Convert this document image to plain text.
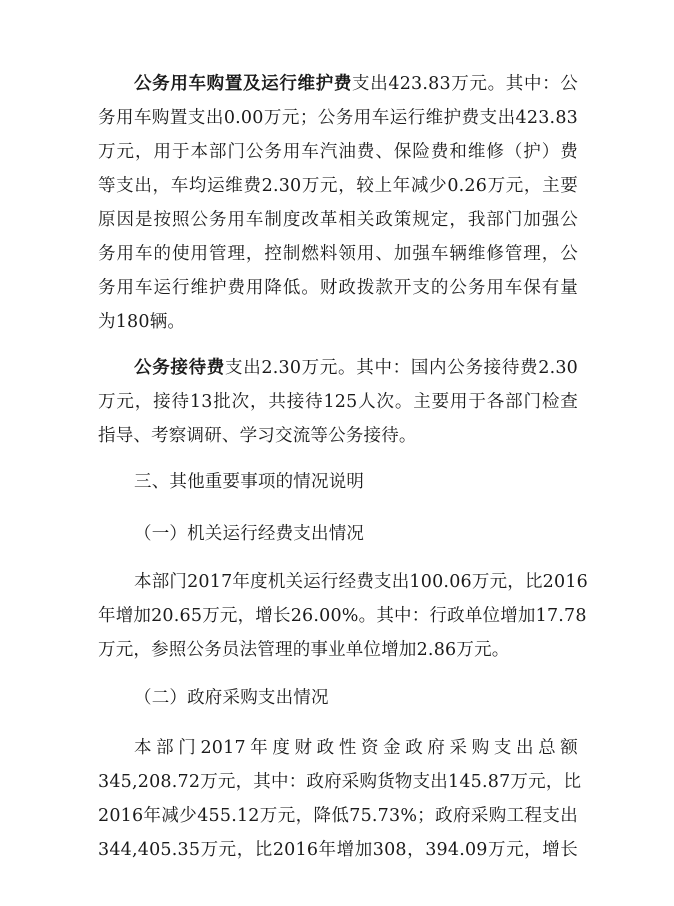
公务用车购置及运行维护费支出423.83万元。其中：公
务用车购置支出0.00万元；公务用车运行维护费支出423.83
万元，用于本部门公务用车汽油费、保险费和维修（护）费
等支出，车均运维费2.30万元，较上年减少0.26万元，主要
原因是按照公务用车制度改革相关政策规定，我部门加强公
务用车的使用管理，控制燃料领用、加强车辆维修管理，公
务用车运行维护费用降低。财政拨款开支的公务用车保有量
为180辆。
公务接待费支出2.30万元。其中：国内公务接待费2.30
万元，接待13批次，共接待125人次。主要用于各部门检查
指导、考察调研、学习交流等公务接待。
三、其他重要事项的情况说明
（一）机关运行经费支出情况
本部门2017年度机关运行经费支出100.06万元，比2016
年增加20.65万元，增长26.00%。其中：行政单位增加17.78
万元，参照公务员法管理的事业单位增加2.86万元。
（二）政府采购支出情况
本部门2017年度财政性资金政府采购支出总额
345,208.72万元，其中：政府采购货物支出145.87万元，比
2016年减少455.12万元，降低75.73%；政府采购工程支出
344,405.35万元，比2016年增加308，394.09万元，增长
